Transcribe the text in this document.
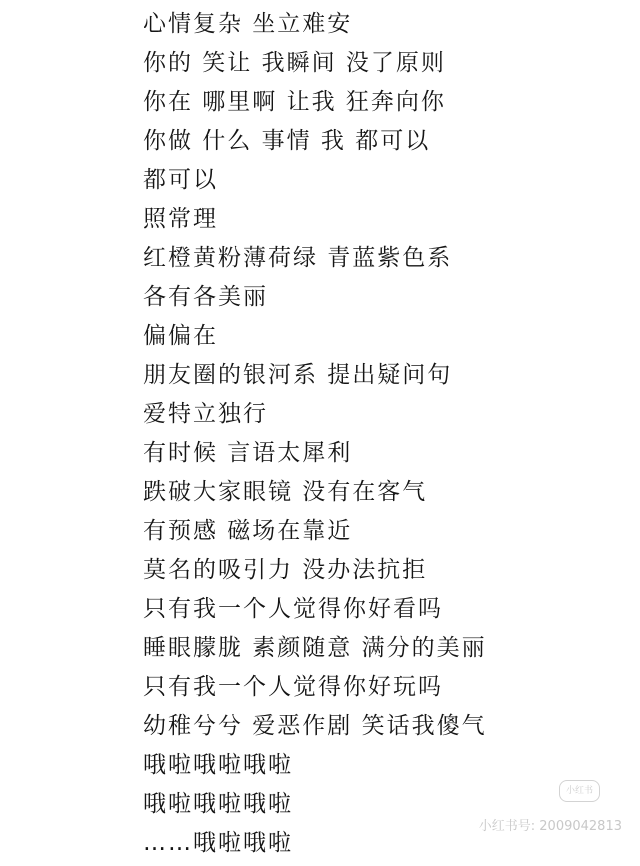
心情复杂 坐立难安
你的 笑让 我瞬间 没了原则
你在 哪里啊 让我 狂奔向你
你做 什么 事情 我 都可以
都可以
照常理
红橙黄粉薄荷绿 青蓝紫色系
各有各美丽
偏偏在
朋友圈的银河系 提出疑问句
爱特立独行
有时候 言语太犀利
跌破大家眼镜 没有在客气
有预感 磁场在靠近
莫名的吸引力 没办法抗拒
只有我一个人觉得你好看吗
睡眼朦胧 素颜随意 满分的美丽
只有我一个人觉得你好玩吗
幼稚兮兮 爱恶作剧 笑话我傻气
哦啦哦啦哦啦
哦啦哦啦哦啦
……哦啦哦啦
小红书
小红书号: 2009042813
